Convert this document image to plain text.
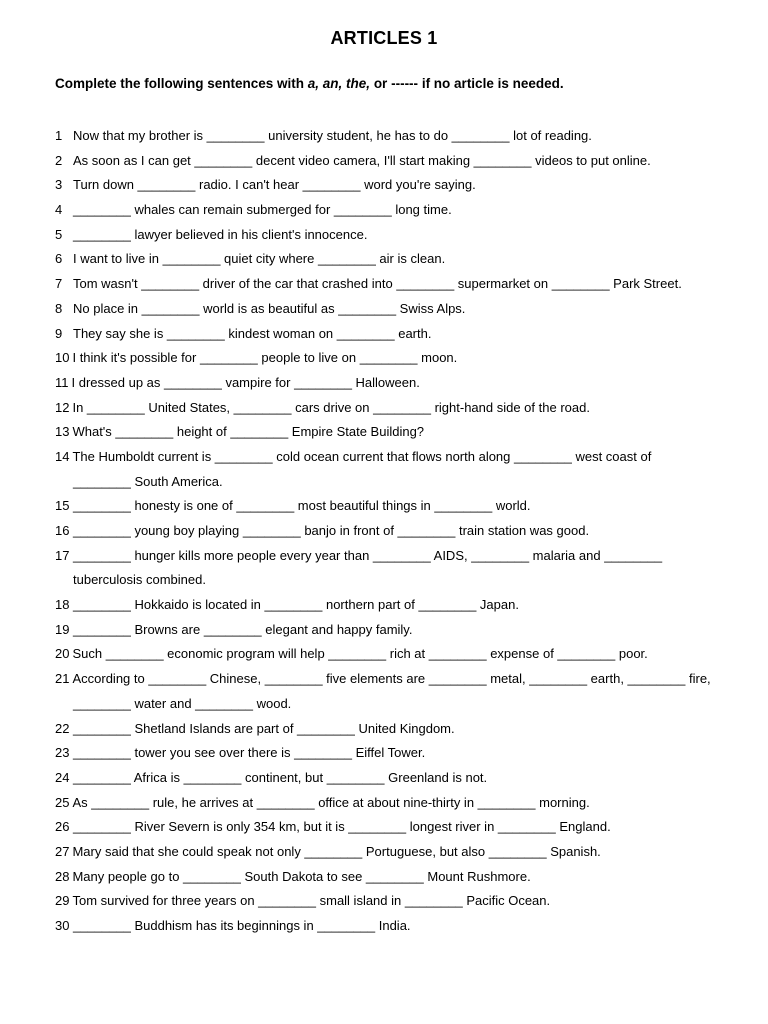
ARTICLES 1
Complete the following sentences with a, an, the, or ------ if no article is needed.
1 Now that my brother is ________ university student, he has to do ________ lot of reading.
2 As soon as I can get ________ decent video camera, I'll start making ________ videos to put online.
3 Turn down ________ radio. I can't hear ________ word you're saying.
4 ________ whales can remain submerged for ________ long time.
5 ________ lawyer believed in his client's innocence.
6 I want to live in ________ quiet city where ________ air is clean.
7 Tom wasn't ________ driver of the car that crashed into ________ supermarket on ________ Park Street.
8 No place in ________ world is as beautiful as ________ Swiss Alps.
9 They say she is ________ kindest woman on ________ earth.
10 I think it's possible for ________ people to live on ________ moon.
11 I dressed up as ________ vampire for ________ Halloween.
12 In ________ United States, ________ cars drive on ________ right-hand side of the road.
13 What's ________ height of ________ Empire State Building?
14 The Humboldt current is ________ cold ocean current that flows north along ________ west coast of
________ South America.
15 ________ honesty is one of ________ most beautiful things in ________ world.
16 ________ young boy playing ________ banjo in front of ________ train station was good.
17 ________ hunger kills more people every year than ________ AIDS, ________ malaria and ________
tuberculosis combined.
18 ________ Hokkaido is located in ________ northern part of ________ Japan.
19 ________ Browns are ________ elegant and happy family.
20 Such ________ economic program will help ________ rich at ________ expense of ________ poor.
21 According to ________ Chinese, ________ five elements are ________ metal, ________ earth, ________ fire,
________ water and ________ wood.
22 ________ Shetland Islands are part of ________ United Kingdom.
23 ________ tower you see over there is ________ Eiffel Tower.
24 ________ Africa is ________ continent, but ________ Greenland is not.
25 As ________ rule, he arrives at ________ office at about nine-thirty in ________ morning.
26 ________ River Severn is only 354 km, but it is ________ longest river in ________ England.
27 Mary said that she could speak not only ________ Portuguese, but also ________ Spanish.
28 Many people go to ________ South Dakota to see ________ Mount Rushmore.
29 Tom survived for three years on ________ small island in ________ Pacific Ocean.
30 ________ Buddhism has its beginnings in ________ India.
